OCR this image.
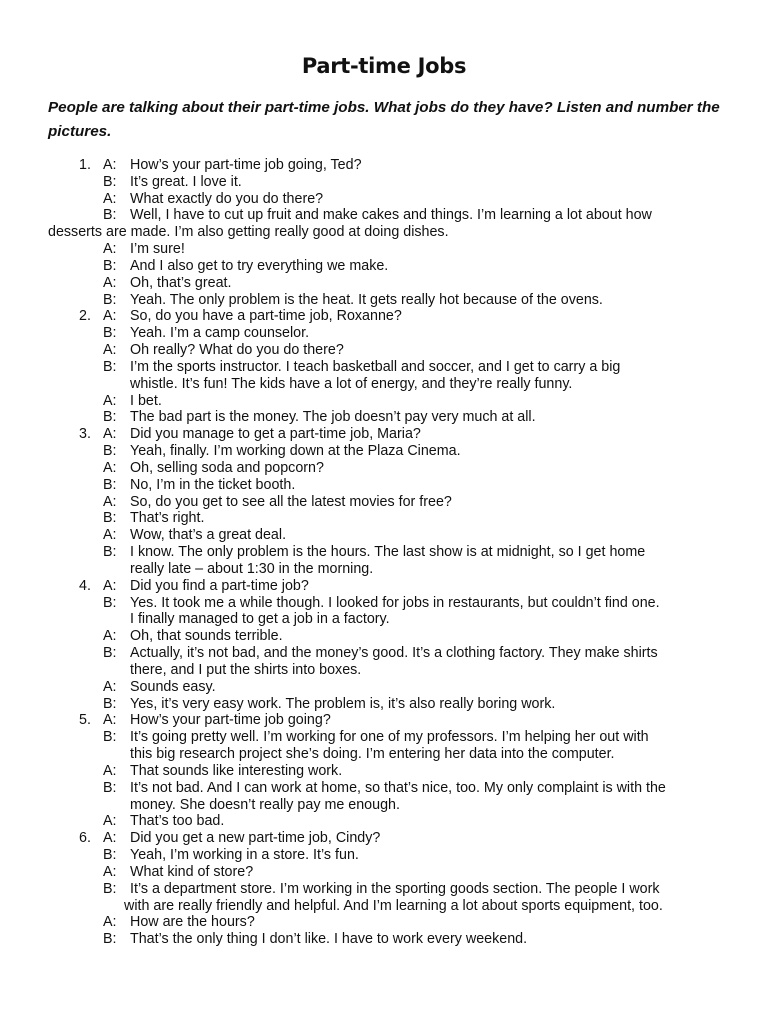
Part-time Jobs
People are talking about their part-time jobs. What jobs do they have? Listen and number the pictures.
1. A: How’s your part-time job going, Ted?
B: It’s great. I love it.
A: What exactly do you do there?
B: Well, I have to cut up fruit and make cakes and things. I’m learning a lot about how
desserts are made. I’m also getting really good at doing dishes.
A: I’m sure!
B: And I also get to try everything we make.
A: Oh, that’s great.
B: Yeah. The only problem is the heat. It gets really hot because of the ovens.
2. A: So, do you have a part-time job, Roxanne?
B: Yeah. I’m a camp counselor.
A: Oh really? What do you do there?
B: I’m the sports instructor. I teach basketball and soccer, and I get to carry a big
whistle. It’s fun! The kids have a lot of energy, and they’re really funny.
A: I bet.
B: The bad part is the money. The job doesn’t pay very much at all.
3. A: Did you manage to get a part-time job, Maria?
B: Yeah, finally. I’m working down at the Plaza Cinema.
A: Oh, selling soda and popcorn?
B: No, I’m in the ticket booth.
A: So, do you get to see all the latest movies for free?
B: That’s right.
A: Wow, that’s a great deal.
B: I know. The only problem is the hours. The last show is at midnight, so I get home
really late – about 1:30 in the morning.
4. A: Did you find a part-time job?
B: Yes. It took me a while though. I looked for jobs in restaurants, but couldn’t find one.
I finally managed to get a job in a factory.
A: Oh, that sounds terrible.
B: Actually, it’s not bad, and the money’s good. It’s a clothing factory. They make shirts
there, and I put the shirts into boxes.
A: Sounds easy.
B: Yes, it’s very easy work. The problem is, it’s also really boring work.
5. A: How’s your part-time job going?
B: It’s going pretty well. I’m working for one of my professors. I’m helping her out with
this big research project she’s doing. I’m entering her data into the computer.
A: That sounds like interesting work.
B: It’s not bad. And I can work at home, so that’s nice, too. My only complaint is with the
money. She doesn’t really pay me enough.
A: That’s too bad.
6. A: Did you get a new part-time job, Cindy?
B: Yeah, I’m working in a store. It’s fun.
A: What kind of store?
B: It’s a department store. I’m working in the sporting goods section. The people I work
with are really friendly and helpful. And I’m learning a lot about sports equipment, too.
A: How are the hours?
B: That’s the only thing I don’t like. I have to work every weekend.
